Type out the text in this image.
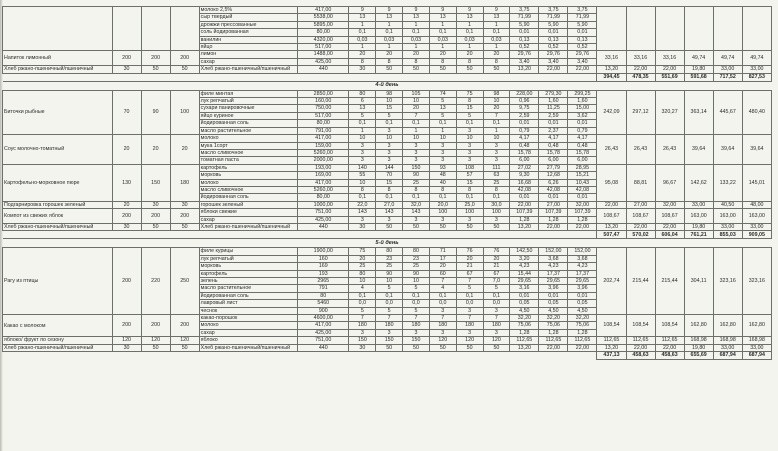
				молоко 2,5%	417,00	9	9	9	9	9	9	3,75	3,75	3,75						
				сыр твердый	5538,00	13	13	13	13	13	13	71,99	71,99	71,99						
				дрожжи прессованные	5895,00	1	1	1	1	1	1	5,90	5,90	5,90						
				соль йодированная	80,00	0,1	0,1	0,1	0,1	0,1	0,1	0,01	0,01	0,01						
				ванилин	4320,00	0,03	0,03	0,03	0,03	0,03	0,03	0,13	0,13	0,13						
				яйцо	517,00	1	1	1	1	1	1	0,52	0,52	0,52						
Напиток лимонный	200	200	200	лимон	1488,00	20	20	20	20	20	20	29,76	29,76	29,76	33,16	33,16	33,16	49,74	49,74	49,74
				сахар	425,00	8	8	8	8	8	8	3,40	3,40	3,40						
Хлеб ржано-пшеничный/пшеничный	30	50	50	Хлеб ржано-пшеничный/пшеничный	440	30	50	50	50	50	50	13,20	22,00	22,00	13,20	22,00	22,00	19,80	33,00	33,00
															394,45	478,35	551,69	591,68	717,52	827,53
4-й день																				
Биточки рыбные	70	90	100	филе минтая	2850,00	80	98	105	74	75	98	228,00	279,30	299,25	242,09	297,12	320,27	363,14	445,67	480,40
				лук репчатый	160,00	6	10	10	5	8	10	0,96	1,60	1,60						
				сухари панировочные	750,00	13	15	20	13	15	20	9,75	11,25	15,00						
				яйцо куриное	517,00	5	5	7	5	5	7	2,59	2,59	3,62						
				йодированная соль	80,00	0,1	0,1	0,1	0,1	0,1	0,1	0,01	0,01	0,01						
				масло растительное	791,00	1	3	1	1	3	1	0,79	2,37	0,79						
Соус молочно-томатный	20	20	20	молоко	417,00	10	10	10	10	10	10	4,17	4,17	4,17	26,43	26,43	26,43	39,64	39,64	39,64
				мука 1сорт	159,00	3	3	3	3	3	3	0,48	0,48	0,48						
				масло сливочное	5260,00	3	3	3	3	3	3	15,78	15,78	15,78						
				томатная паста	2000,00	3	3	3	3	3	3	6,00	6,00	6,00						
Картофельно-морковное пюре	130	150	180	картофель	193,00	140	144	150	93	108	111	27,02	27,79	28,95	95,08	88,81	96,67	142,62	133,22	145,01
				морковь	169,00	55	70	90	48	57	63	9,30	12,68	15,21						
				молоко	417,00	10	15	25	40	15	25	16,68	6,26	10,43						
				масло сливочное	5260,00	8	8	8	8	8	8	42,08	42,08	42,08						
				йодированная соль	80,00	0,1	0,1	0,1	0,1	0,1	0,1	0,01	0,01	0,01						
Подгарнировка горошек зеленый	20	30	30	горошек зеленый	1000,00	22,0	27,0	32,0	20,0	25,0	30,0	22,00	27,00	32,00	22,00	27,00	32,00	33,00	40,50	48,00
Компот из свежих яблок	200	200	200	яблоки свежие	751,00	143	143	143	100	100	100	107,39	107,39	107,39	108,67	108,67	108,67	163,00	163,00	163,00
				сахар	425,00	3	3	3	3	3	3	1,28	1,28	1,28						
Хлеб ржано-пшеничный/пшеничный	30	50	50	Хлеб ржано-пшеничный/пшеничный	440	30	50	50	50	50	50	13,20	22,00	22,00	13,20	22,00	22,00	19,80	33,00	33,00
															507,47	570,02	606,04	761,21	855,03	909,05
5-й день																				
Рагу из птицы	200	220	250	филе курицы	1900,00	75	80	80	71	76	76	142,50	152,00	152,00	202,74	215,44	215,44	304,11	323,16	323,16
				лук репчатый	160	20	23	23	17	20	20	3,20	3,68	3,68						
				морковь	169	25	25	25	20	21	21	4,23	4,23	4,23						
				картофель	193	80	90	90	60	67	67	15,44	17,37	17,37						
				зелень	2965	10	10	10	7	7	7,0	29,65	29,65	29,65						
				масло растительное	791	4	5	5	4	5	5	3,16	3,96	3,96						
				йодированная соль	80	0,1	0,1	0,1	0,1	0,1	0,1	0,01	0,01	0,01						
				лавровый лист	5460	0,0	0,0	0,0	0,0	0,0	0,0	0,05	0,05	0,05						
				чеснок	900	5	5	5	3	3	3	4,50	4,50	4,50						
Какао с молоком	200	200	200	какао-порошок	4600,00	7	7	7	7	7	7	32,20	32,20	32,20	108,54	108,54	108,54	162,80	162,80	162,80
				молоко	417,00	180	180	180	180	180	180	75,06	75,06	75,06						
				сахар	425,00	3	3	3	3	3	3	1,28	1,28	1,28						
яблоко/ фрукт по сезону	120	120	120	яблоко	751,00	150	150	150	120	120	120	112,65	112,65	112,65	112,65	112,65	112,65	168,98	168,98	168,98
Хлеб ржано-пшеничный/пшеничный	30	50	50	Хлеб ржано-пшеничный/пшеничный	440	30	50	50	50	50	50	13,20	22,00	22,00	13,20	22,00	22,00	19,80	33,00	33,00
															437,13	458,63	458,63	655,69	687,94	687,94
